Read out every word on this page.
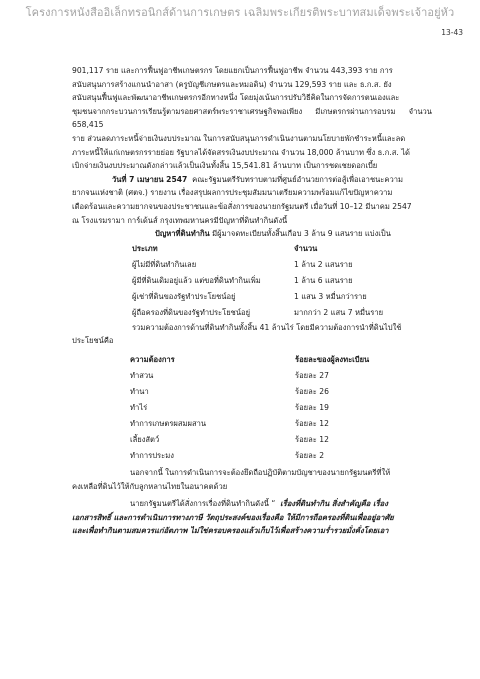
โครงการหนังสืออิเล็กทรอนิกส์ด้านการเกษตร เฉลิมพระเกียรติพระบาทสมเด็จพระเจ้าอยู่หัว
13-43

901,117 ราย และการฟื้นฟูอาชีพเกษตรกร โดยแยกเป็นการฟื้นฟูอาชีพ จำนวน 443,393 ราย การ

สนับสนุนการสร้างแกนนำอาสา (ครูบัญชีเกษตรและหมอดิน) จำนวน 129,593 ราย และ ธ.ก.ส. ยัง

สนับสนุนฟื้นฟูและพัฒนาอาชีพเกษตรกรอีกทางหนึ่ง โดยมุ่งเน้นการปรับวิธีคิดในการจัดการตนเองและ

ชุมชนจากกระบวนการเรียนรู้ตามรอยศาสตร์พระราชาเศรษฐกิจพอเพียง มีเกษตรกรผ่านการอบรม จำนวน 658,415

ราย ส่วนลดภาระหนี้จ่ายเงินงบประมาณ ในการสนับสนุนการดำเนินงานตามนโยบายพักชำระหนี้และลด

ภาระหนี้ให้แก่เกษตรกรรายย่อย รัฐบาลได้จัดสรรเงินงบประมาณ จำนวน 18,000 ล้านบาท ซึ่ง ธ.ก.ส. ได้

เบิกจ่ายเงินงบประมาณดังกล่าวแล้วเป็นเงินทั้งสิ้น 15,541.81 ล้านบาท เป็นการชดเชยดอกเบี้ย

วันที่ 7 เมษายน 2547 คณะรัฐมนตรีรับทราบตามที่ศูนย์อำนวยการต่อสู้เพื่อเอาชนะความ

ยากจนแห่งชาติ (ศตจ.) รายงาน เรื่องสรุปผลการประชุมสัมมนาเตรียมความพร้อมแก้ไขปัญหาความ

เดือดร้อนและความยากจนของประชาชนและข้อสั่งการของนายกรัฐมนตรี เมื่อวันที่ 10–12 มีนาคม 2547

ณ โรงแรมรามา การ์เด้นส์ กรุงเทพมหานครมีปัญหาที่ดินทำกินดังนี้

ปัญหาที่ดินทำกิน มีผู้มาจดทะเบียนทั้งสิ้นเกือบ 3 ล้าน 9 แสนราย แบ่งเป็น

ประเภท	จำนวน
ผู้ไม่มีที่ดินทำกินเลย	1 ล้าน 2 แสนราย
ผู้มีที่ดินเดิมอยู่แล้ว แต่ขอที่ดินทำกินเพิ่ม	1 ล้าน 6 แสนราย
ผู้เช่าที่ดินของรัฐทำประโยชน์อยู่	1 แสน 3 หมื่นกว่าราย
ผู้ถือครองที่ดินของรัฐทำประโยชน์อยู่	มากกว่า 2 แสน 7 หมื่นราย

รวมความต้องการด้านที่ดินทำกินทั้งสิ้น 41 ล้านไร่ โดยมีความต้องการนำที่ดินไปใช้

ประโยชน์คือ

ความต้องการ	ร้อยละของผู้ลงทะเบียน
ทำสวน	ร้อยละ 27
ทำนา	ร้อยละ 26
ทำไร่	ร้อยละ 19
ทำการเกษตรผสมผสาน	ร้อยละ 12
เลี้ยงสัตว์	ร้อยละ 12
ทำการประมง	ร้อยละ 2

นอกจากนี้ ในการดำเนินการจะต้องยึดถือปฏิบัติตามบัญชาของนายกรัฐมนตรีที่ให้

คงเหลือที่ดินไว้ให้กับลูกหลานไทยในอนาคตด้วย

นายกรัฐมนตรีได้สั่งการเรื่องที่ดินทำกินดังนี้ “ เรื่องที่ดินทำกิน สิ่งสำคัญคือ เรื่อง

เอกสารสิทธิ์ และการดำเนินการทางภาษี วัตถุประสงค์ของเรื่องคือ ให้มีการถือครองที่ดินเพื่ออยู่อาศัย

และเพื่อทำกินตามสมควรแก่อัตภาพ ไม่ใช่ครอบครองแล้วเก็บไว้เพื่อสร้างความร่ำรวยมั่งคั่งโดยเอา
